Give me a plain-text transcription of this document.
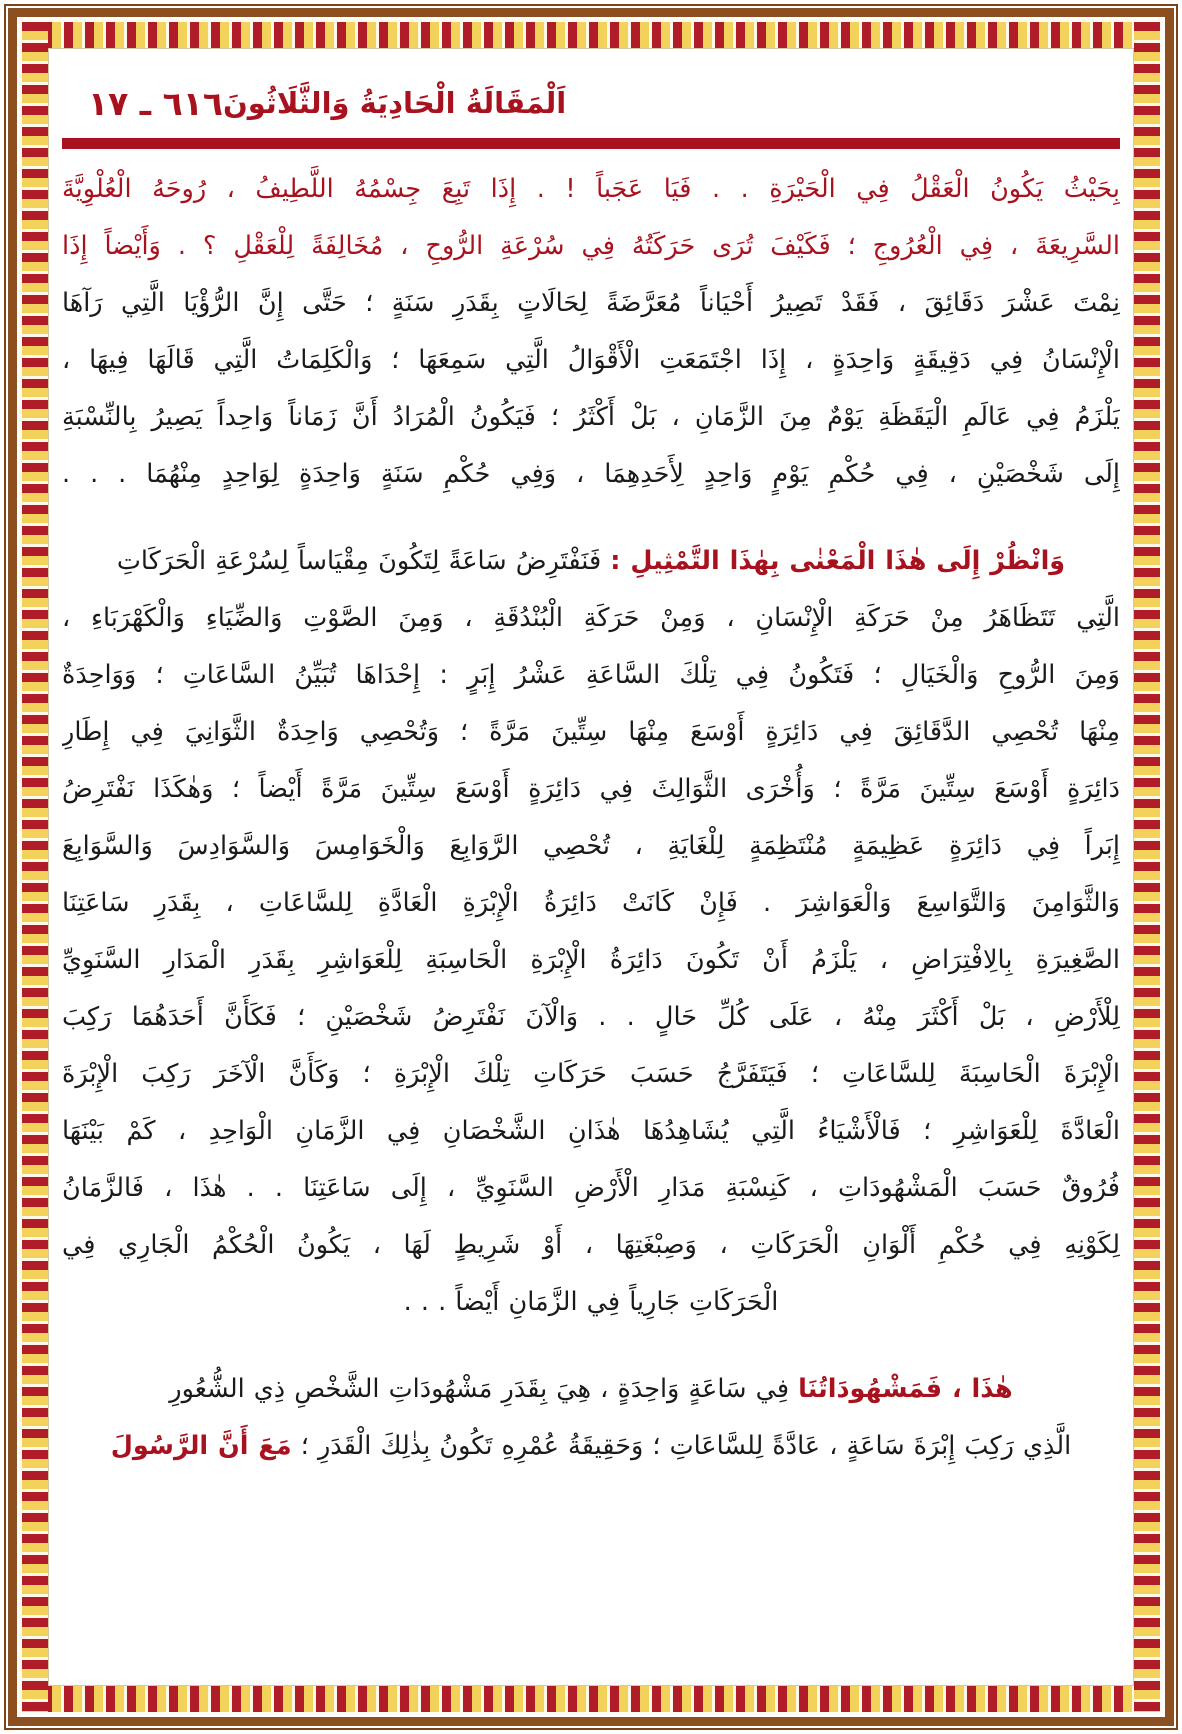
٦١٦ ـ ١٧ اَلْمَقَالَةُ الْحَادِيَةُ وَالثَّلَاثُونَ

بِحَيْثُ يَكُونُ الْعَقْلُ فِي الْحَيْرَةِ . . فَيَا عَجَباً ! . إِذَا تَبِعَ جِسْمُهُ اللَّطِيفُ ، رُوحَهُ الْعُلْوِيَّةَ
السَّرِيعَةَ ، فِي الْعُرُوجِ ؛ فَكَيْفَ تُرَى حَرَكَتُهُ فِي سُرْعَةِ الرُّوحِ ، مُخَالِفَةً لِلْعَقْلِ ؟ . وَأَيْضاً إِذَا
نِمْتَ عَشْرَ دَقَائِقَ ، فَقَدْ تَصِيرُ أَحْيَاناً مُعَرَّضَةً لِحَالَاتٍ بِقَدَرِ سَنَةٍ ؛ حَتَّى إِنَّ الرُّؤْيَا الَّتِي رَآهَا
الْإِنْسَانُ فِي دَقِيقَةٍ وَاحِدَةٍ ، إِذَا اجْتَمَعَتِ الْأَقْوَالُ الَّتِي سَمِعَهَا ؛ وَالْكَلِمَاتُ الَّتِي قَالَهَا فِيهَا ،
يَلْزَمُ فِي عَالَمِ الْيَقَظَةِ يَوْمٌ مِنَ الزَّمَانِ ، بَلْ أَكْثَرُ ؛ فَيَكُونُ الْمُرَادُ أَنَّ زَمَاناً وَاحِداً يَصِيرُ بِالنِّسْبَةِ
إِلَى شَخْصَيْنِ ، فِي حُكْمِ يَوْمٍ وَاحِدٍ لِأَحَدِهِمَا ، وَفِي حُكْمِ سَنَةٍ وَاحِدَةٍ لِوَاحِدٍ مِنْهُمَا . . .

وَانْظُرْ إِلَى هٰذَا الْمَعْنٰى بِهٰذَا التَّمْثِيلِ : فَنَفْتَرِضُ سَاعَةً لِتَكُونَ مِقْيَاساً لِسُرْعَةِ الْحَرَكَاتِ
الَّتِي تَتَظَاهَرُ مِنْ حَرَكَةِ الْإِنْسَانِ ، وَمِنْ حَرَكَةِ الْبُنْدُقَةِ ، وَمِنَ الصَّوْتِ وَالضِّيَاءِ وَالْكَهْرَبَاءِ ،
وَمِنَ الرُّوحِ وَالْخَيَالِ ؛ فَتَكُونُ فِي تِلْكَ السَّاعَةِ عَشْرُ إِبَرٍ : إِحْدَاهَا تُبَيِّنُ السَّاعَاتِ ؛ وَوَاحِدَةٌ
مِنْهَا تُحْصِي الدَّقَائِقَ فِي دَائِرَةٍ أَوْسَعَ مِنْهَا سِتِّينَ مَرَّةً ؛ وَتُحْصِي وَاحِدَةٌ الثَّوَانِيَ فِي إِطَارِ
دَائِرَةٍ أَوْسَعَ سِتِّينَ مَرَّةً ؛ وَأُخْرَى الثَّوَالِثَ فِي دَائِرَةٍ أَوْسَعَ سِتِّينَ مَرَّةً أَيْضاً ؛ وَهٰكَذَا نَفْتَرِضُ
إِبَراً فِي دَائِرَةٍ عَظِيمَةٍ مُنْتَظِمَةٍ لِلْغَايَةِ ، تُحْصِي الرَّوَابِعَ وَالْخَوَامِسَ وَالسَّوَادِسَ وَالسَّوَابِعَ
وَالثَّوَامِنَ وَالتَّوَاسِعَ وَالْعَوَاشِرَ . فَإِنْ كَانَتْ دَائِرَةُ الْإِبْرَةِ الْعَادَّةِ لِلسَّاعَاتِ ، بِقَدَرِ سَاعَتِنَا
الصَّغِيرَةِ بِالِافْتِرَاضِ ، يَلْزَمُ أَنْ تَكُونَ دَائِرَةُ الْإِبْرَةِ الْحَاسِبَةِ لِلْعَوَاشِرِ بِقَدَرِ الْمَدَارِ السَّنَوِيِّ
لِلْأَرْضِ ، بَلْ أَكْثَرَ مِنْهُ ، عَلَى كُلِّ حَالٍ . . وَالْآنَ نَفْتَرِضُ شَخْصَيْنِ ؛ فَكَأَنَّ أَحَدَهُمَا رَكِبَ
الْإِبْرَةَ الْحَاسِبَةَ لِلسَّاعَاتِ ؛ فَيَتَفَرَّجُ حَسَبَ حَرَكَاتِ تِلْكَ الْإِبْرَةِ ؛ وَكَأَنَّ الْآخَرَ رَكِبَ الْإِبْرَةَ
الْعَادَّةَ لِلْعَوَاشِرِ ؛ فَالْأَشْيَاءُ الَّتِي يُشَاهِدُهَا هٰذَانِ الشَّخْصَانِ فِي الزَّمَانِ الْوَاحِدِ ، كَمْ بَيْنَهَا
فُرُوقٌ حَسَبَ الْمَشْهُودَاتِ ، كَنِسْبَةِ مَدَارِ الْأَرْضِ السَّنَوِيِّ ، إِلَى سَاعَتِنَا . . هٰذَا ، فَالزَّمَانُ
لِكَوْنِهِ فِي حُكْمِ أَلْوَانِ الْحَرَكَاتِ ، وَصِبْغَتِهَا ، أَوْ شَرِيطٍ لَهَا ، يَكُونُ الْحُكْمُ الْجَارِي فِي
الْحَرَكَاتِ جَارِياً فِي الزَّمَانِ أَيْضاً . . .

هٰذَا ، فَمَشْهُودَاتُنَا فِي سَاعَةٍ وَاحِدَةٍ ، هِيَ بِقَدَرِ مَشْهُودَاتِ الشَّخْصِ ذِي الشُّعُورِ
الَّذِي رَكِبَ إِبْرَةَ سَاعَةٍ ، عَادَّةً لِلسَّاعَاتِ ؛ وَحَقِيقَةُ عُمْرِهِ تَكُونُ بِذٰلِكَ الْقَدَرِ ؛ مَعَ أَنَّ الرَّسُولَ
